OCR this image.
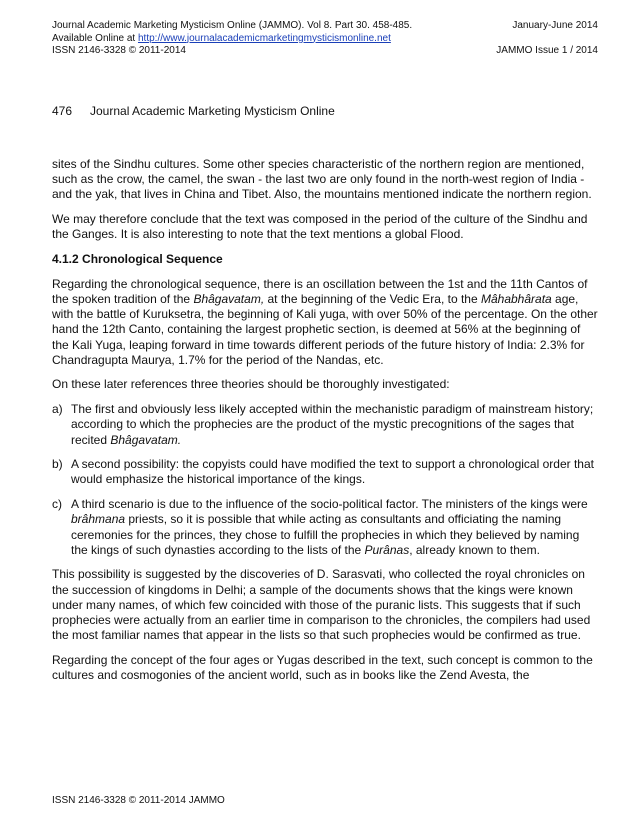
Journal Academic Marketing Mysticism Online (JAMMO). Vol 8. Part 30. 458-485.	January-June 2014
Available Online at http://www.journalacademicmarketingmysticismonline.net
ISSN 2146-3328 © 2011-2014	JAMMO Issue 1 / 2014
476 Journal Academic Marketing Mysticism Online

sites of the Sindhu cultures. Some other species characteristic of the northern region are mentioned, such as the crow, the camel, the swan - the last two are only found in the north-west region of India - and the yak, that lives in China and Tibet. Also, the mountains mentioned indicate the northern region.

We may therefore conclude that the text was composed in the period of the culture of the Sindhu and the Ganges. It is also interesting to note that the text mentions a global Flood.

4.1.2 Chronological Sequence

Regarding the chronological sequence, there is an oscillation between the 1st and the 11th Cantos of the spoken tradition of the Bhâgavatam, at the beginning of the Vedic Era, to the Mâhabhârata age, with the battle of Kuruksetra, the beginning of Kali yuga, with over 50% of the percentage. On the other hand the 12th Canto, containing the largest prophetic section, is deemed at 56% at the beginning of the Kali Yuga, leaping forward in time towards different periods of the future history of India: 2.3% for Chandragupta Maurya, 1.7% for the period of the Nandas, etc.

On these later references three theories should be thoroughly investigated:

a) The first and obviously less likely accepted within the mechanistic paradigm of mainstream history; according to which the prophecies are the product of the mystic precognitions of the sages that recited Bhâgavatam.
b) A second possibility: the copyists could have modified the text to support a chronological order that would emphasize the historical importance of the kings.
c) A third scenario is due to the influence of the socio-political factor. The ministers of the kings were brâhmana priests, so it is possible that while acting as consultants and officiating the naming ceremonies for the princes, they chose to fulfill the prophecies in which they believed by naming the kings of such dynasties according to the lists of the Purânas, already known to them.

This possibility is suggested by the discoveries of D. Sarasvati, who collected the royal chronicles on the succession of kingdoms in Delhi; a sample of the documents shows that the kings were known under many names, of which few coincided with those of the puranic lists. This suggests that if such prophecies were actually from an earlier time in comparison to the chronicles, the compilers had used the most familiar names that appear in the lists so that such prophecies would be confirmed as true.

Regarding the concept of the four ages or Yugas described in the text, such concept is common to the cultures and cosmogonies of the ancient world, such as in books like the Zend Avesta, the

ISSN 2146-3328 © 2011-2014 JAMMO
